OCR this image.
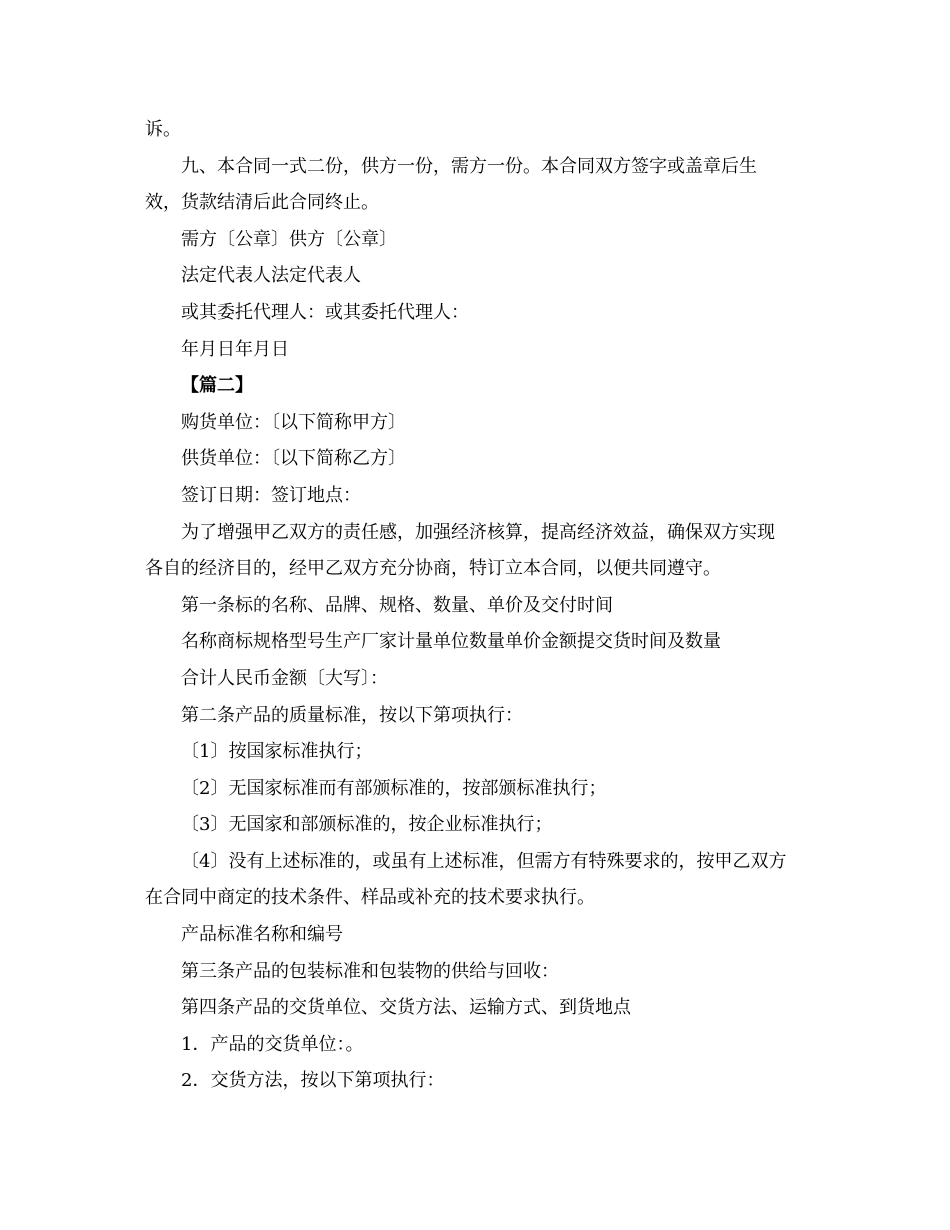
诉。
九、本合同一式二份，供方一份，需方一份。本合同双方签字或盖章后生
效，货款结清后此合同终止。
需方〔公章〕供方〔公章〕
法定代表人法定代表人
或其委托代理人：或其委托代理人：
年月日年月日
【篇二】
购货单位：〔以下简称甲方〕
供货单位：〔以下简称乙方〕
签订日期：签订地点：
为了增强甲乙双方的责任感，加强经济核算，提高经济效益，确保双方实现
各自的经济目的，经甲乙双方充分协商，特订立本合同，以便共同遵守。
第一条标的名称、品牌、规格、数量、单价及交付时间
名称商标规格型号生产厂家计量单位数量单价金额提交货时间及数量
合计人民币金额〔大写〕：
第二条产品的质量标准，按以下第项执行：
〔1〕按国家标准执行；
〔2〕无国家标准而有部颁标准的，按部颁标准执行；
〔3〕无国家和部颁标准的，按企业标准执行；
〔4〕没有上述标准的，或虽有上述标准，但需方有特殊要求的，按甲乙双方
在合同中商定的技术条件、样品或补充的技术要求执行。
产品标准名称和编号
第三条产品的包装标准和包装物的供给与回收：
第四条产品的交货单位、交货方法、运输方式、到货地点
1．产品的交货单位：。
2．交货方法，按以下第项执行：
